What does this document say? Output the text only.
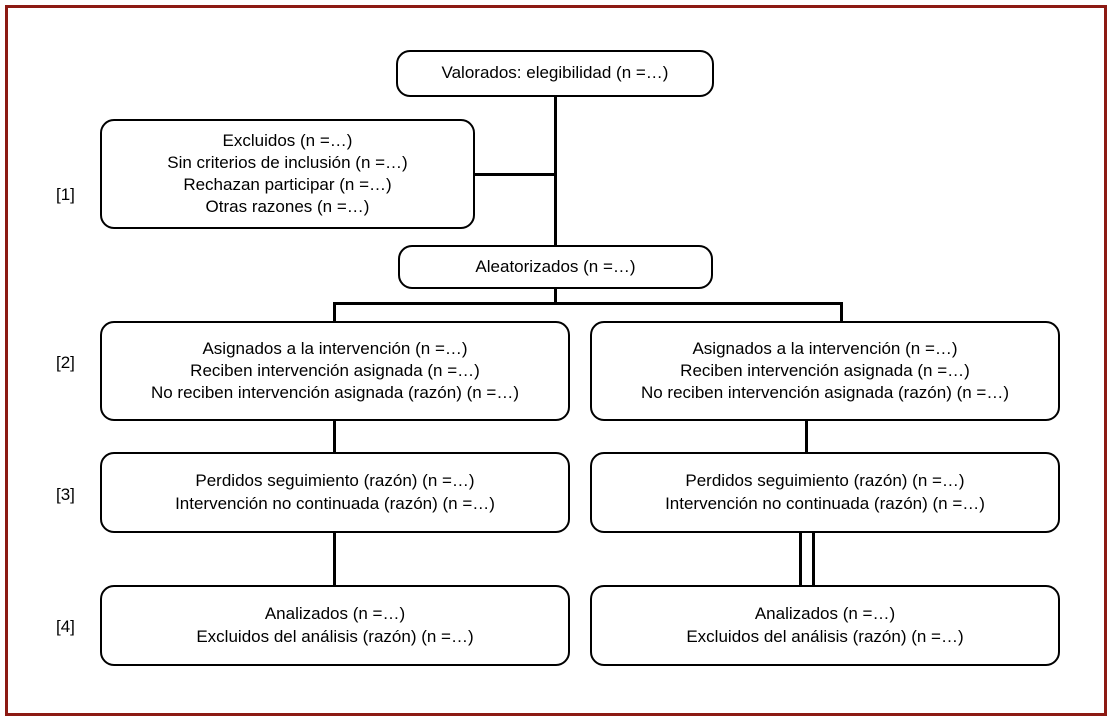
[1]
[2]
[3]
[4]
Valorados: elegibilidad (n =…)
Excluidos (n =…)
Sin criterios de inclusión (n =…)
Rechazan participar (n =…)
Otras razones (n =…)
Aleatorizados (n =…)
Asignados a la intervención (n =…)
Reciben intervención asignada (n =…)
No reciben intervención asignada (razón) (n =…)
Asignados a la intervención (n =…)
Reciben intervención asignada (n =…)
No reciben intervención asignada (razón) (n =…)
Perdidos seguimiento (razón) (n =…)
Intervención no continuada (razón) (n =…)
Perdidos seguimiento (razón) (n =…)
Intervención no continuada (razón) (n =…)
Analizados (n =…)
Excluidos del análisis (razón) (n =…)
Analizados (n =…)
Excluidos del análisis (razón) (n =…)
